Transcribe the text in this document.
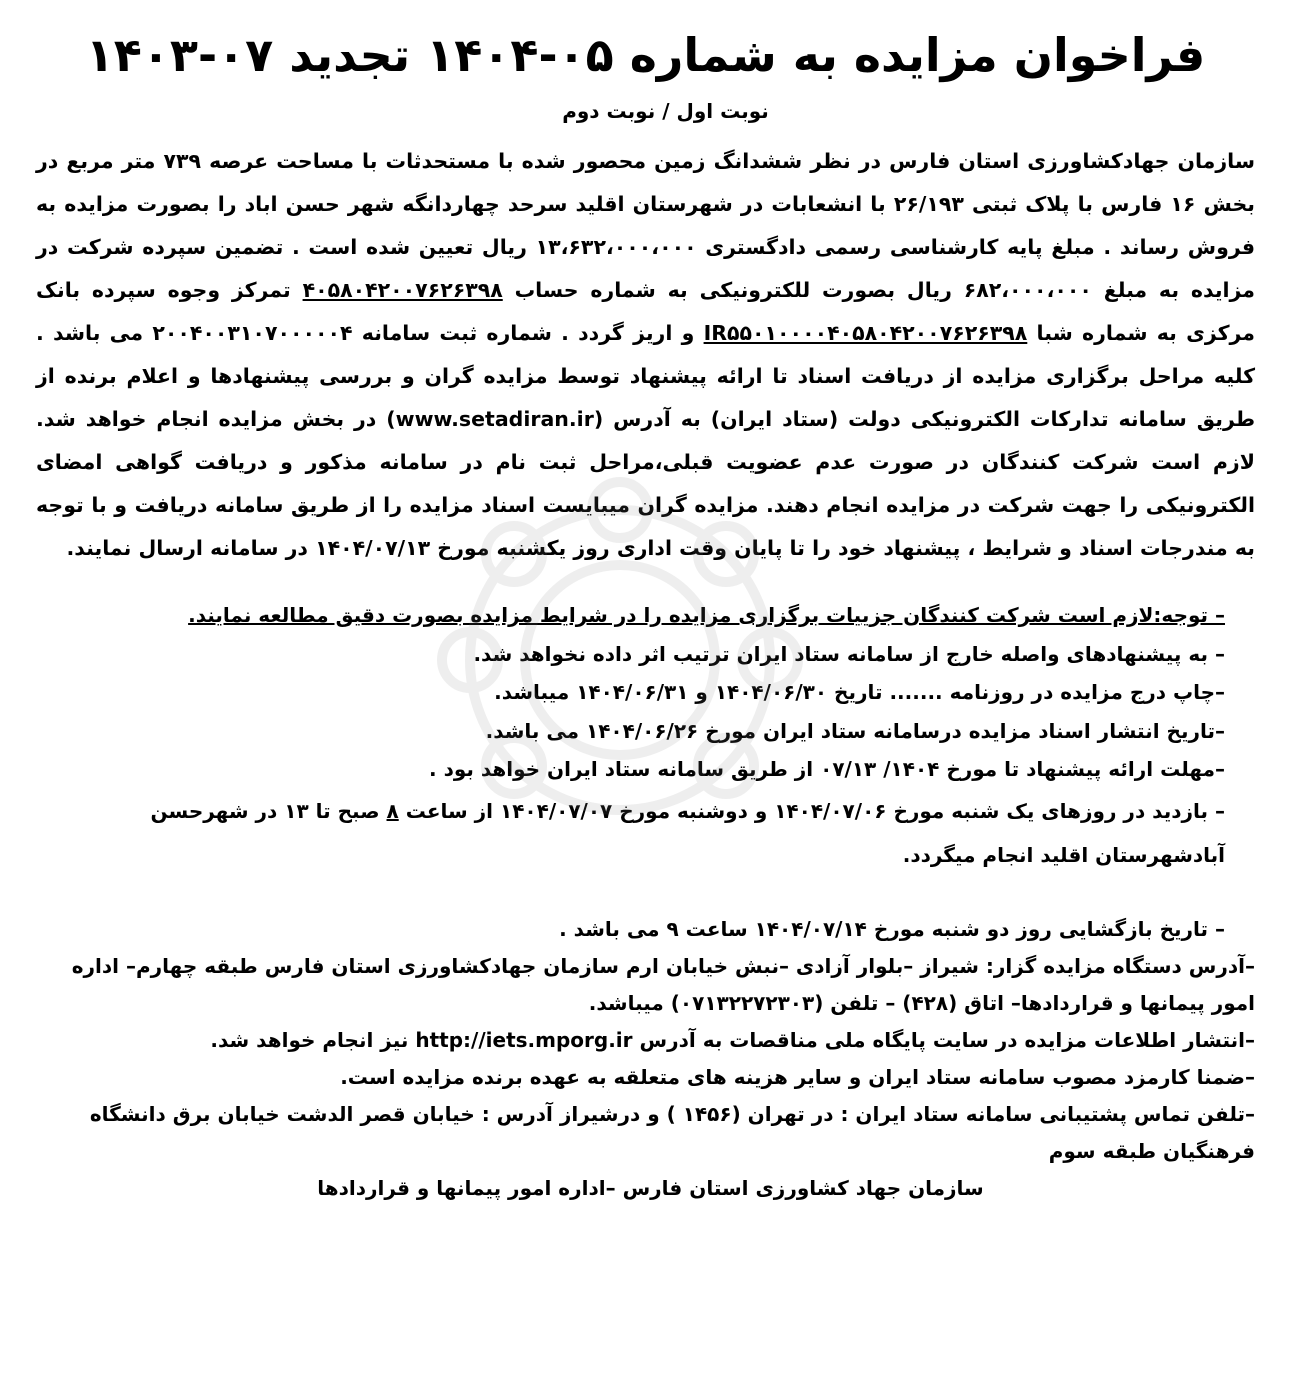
فراخوان مزایده به شماره ۰۵-۱۴۰۴ تجدید ۰۷-۱۴۰۳
نوبت اول / نوبت دوم

سازمان جهادکشاورزی استان فارس در نظر ششدانگ زمین محصور شده با مستحدثات با مساحت عرصه ۷۳۹ متر مربع در بخش ۱۶ فارس با پلاک ثبتی ۲۶/۱۹۳ با انشعابات در شهرستان اقلید سرحد چهاردانگه شهر حسن اباد را بصورت مزایده به فروش رساند . مبلغ پایه کارشناسی رسمی دادگستری ۱۳،۶۳۲،۰۰۰،۰۰۰ ریال تعیین شده است . تضمین سپرده شرکت در مزایده به مبلغ ۶۸۲،۰۰۰،۰۰۰ ریال بصورت للکترونیکی به شماره حساب ۴۰۵۸۰۴۲۰۰۷۶۲۶۳۹۸ تمرکز وجوه سپرده بانک مرکزی به شماره شبا IR۵۵۰۱۰۰۰۰۴۰۵۸۰۴۲۰۰۷۶۲۶۳۹۸ و اریز گردد . شماره ثبت سامانه ۲۰۰۴۰۰۳۱۰۷۰۰۰۰۰۴ می باشد . کلیه مراحل برگزاری مزایده از دریافت اسناد تا ارائه پیشنهاد توسط مزایده گران و بررسی پیشنهادها و اعلام برنده از طریق سامانه تدارکات الکترونیکی دولت (ستاد ایران) به آدرس (www.setadiran.ir) در بخش مزایده انجام خواهد شد. لازم است شرکت کنندگان در صورت عدم عضویت قبلی،مراحل ثبت نام در سامانه مذکور و دریافت گواهی امضای الکترونیکی را جهت شرکت در مزایده انجام دهند. مزایده گران میبایست اسناد مزایده را از طریق سامانه دریافت و با توجه به مندرجات اسناد و شرایط ، پیشنهاد خود را تا پایان وقت اداری روز یکشنبه مورخ ۱۴۰۴/۰۷/۱۳ در سامانه ارسال نمایند.

– توجه:لازم است شرکت کنندگان جزییات برگزاری مزایده را در شرایط مزایده بصورت دقیق مطالعه نمایند.

– به پیشنهادهای واصله خارج از سامانه ستاد ایران ترتیب اثر داده نخواهد شد.

–چاپ درج مزایده در روزنامه ....... تاریخ ۱۴۰۴/۰۶/۳۰ و ۱۴۰۴/۰۶/۳۱ میباشد.

–تاریخ انتشار اسناد مزایده درسامانه ستاد ایران مورخ ۱۴۰۴/۰۶/۲۶ می باشد.

–مهلت ارائه پیشنهاد تا مورخ ۱۴۰۴/ ۰۷/۱۳ از طریق سامانه ستاد ایران خواهد بود .

– بازدید در روزهای یک شنبه مورخ ۱۴۰۴/۰۷/۰۶ و دوشنبه مورخ ۱۴۰۴/۰۷/۰۷ از ساعت ۸ صبح تا ۱۳ در شهرحسن آبادشهرستان اقلید انجام میگردد.

– تاریخ بازگشایی روز دو شنبه مورخ ۱۴۰۴/۰۷/۱۴ ساعت ۹ می باشد .

–آدرس دستگاه مزایده گزار: شیراز –بلوار آزادی –نبش خیابان ارم سازمان جهادکشاورزی استان فارس طبقه چهارم– اداره امور پیمانها و قراردادها– اتاق (۴۲۸) – تلفن (۰۷۱۳۲۲۷۲۳۰۳) میباشد.

–انتشار اطلاعات مزایده در سایت پایگاه ملی مناقصات به آدرس http://iets.mporg.ir نیز انجام خواهد شد.

–ضمنا کارمزد مصوب سامانه ستاد ایران و سایر هزینه های متعلقه به عهده برنده مزایده است.

–تلفن تماس پشتیبانی سامانه ستاد ایران : در تهران (۱۴۵۶ ) و درشیراز آدرس : خیابان قصر الدشت خیابان برق دانشگاه فرهنگیان طبقه سوم

سازمان جهاد کشاورزی استان فارس –اداره امور پیمانها و قراردادها
